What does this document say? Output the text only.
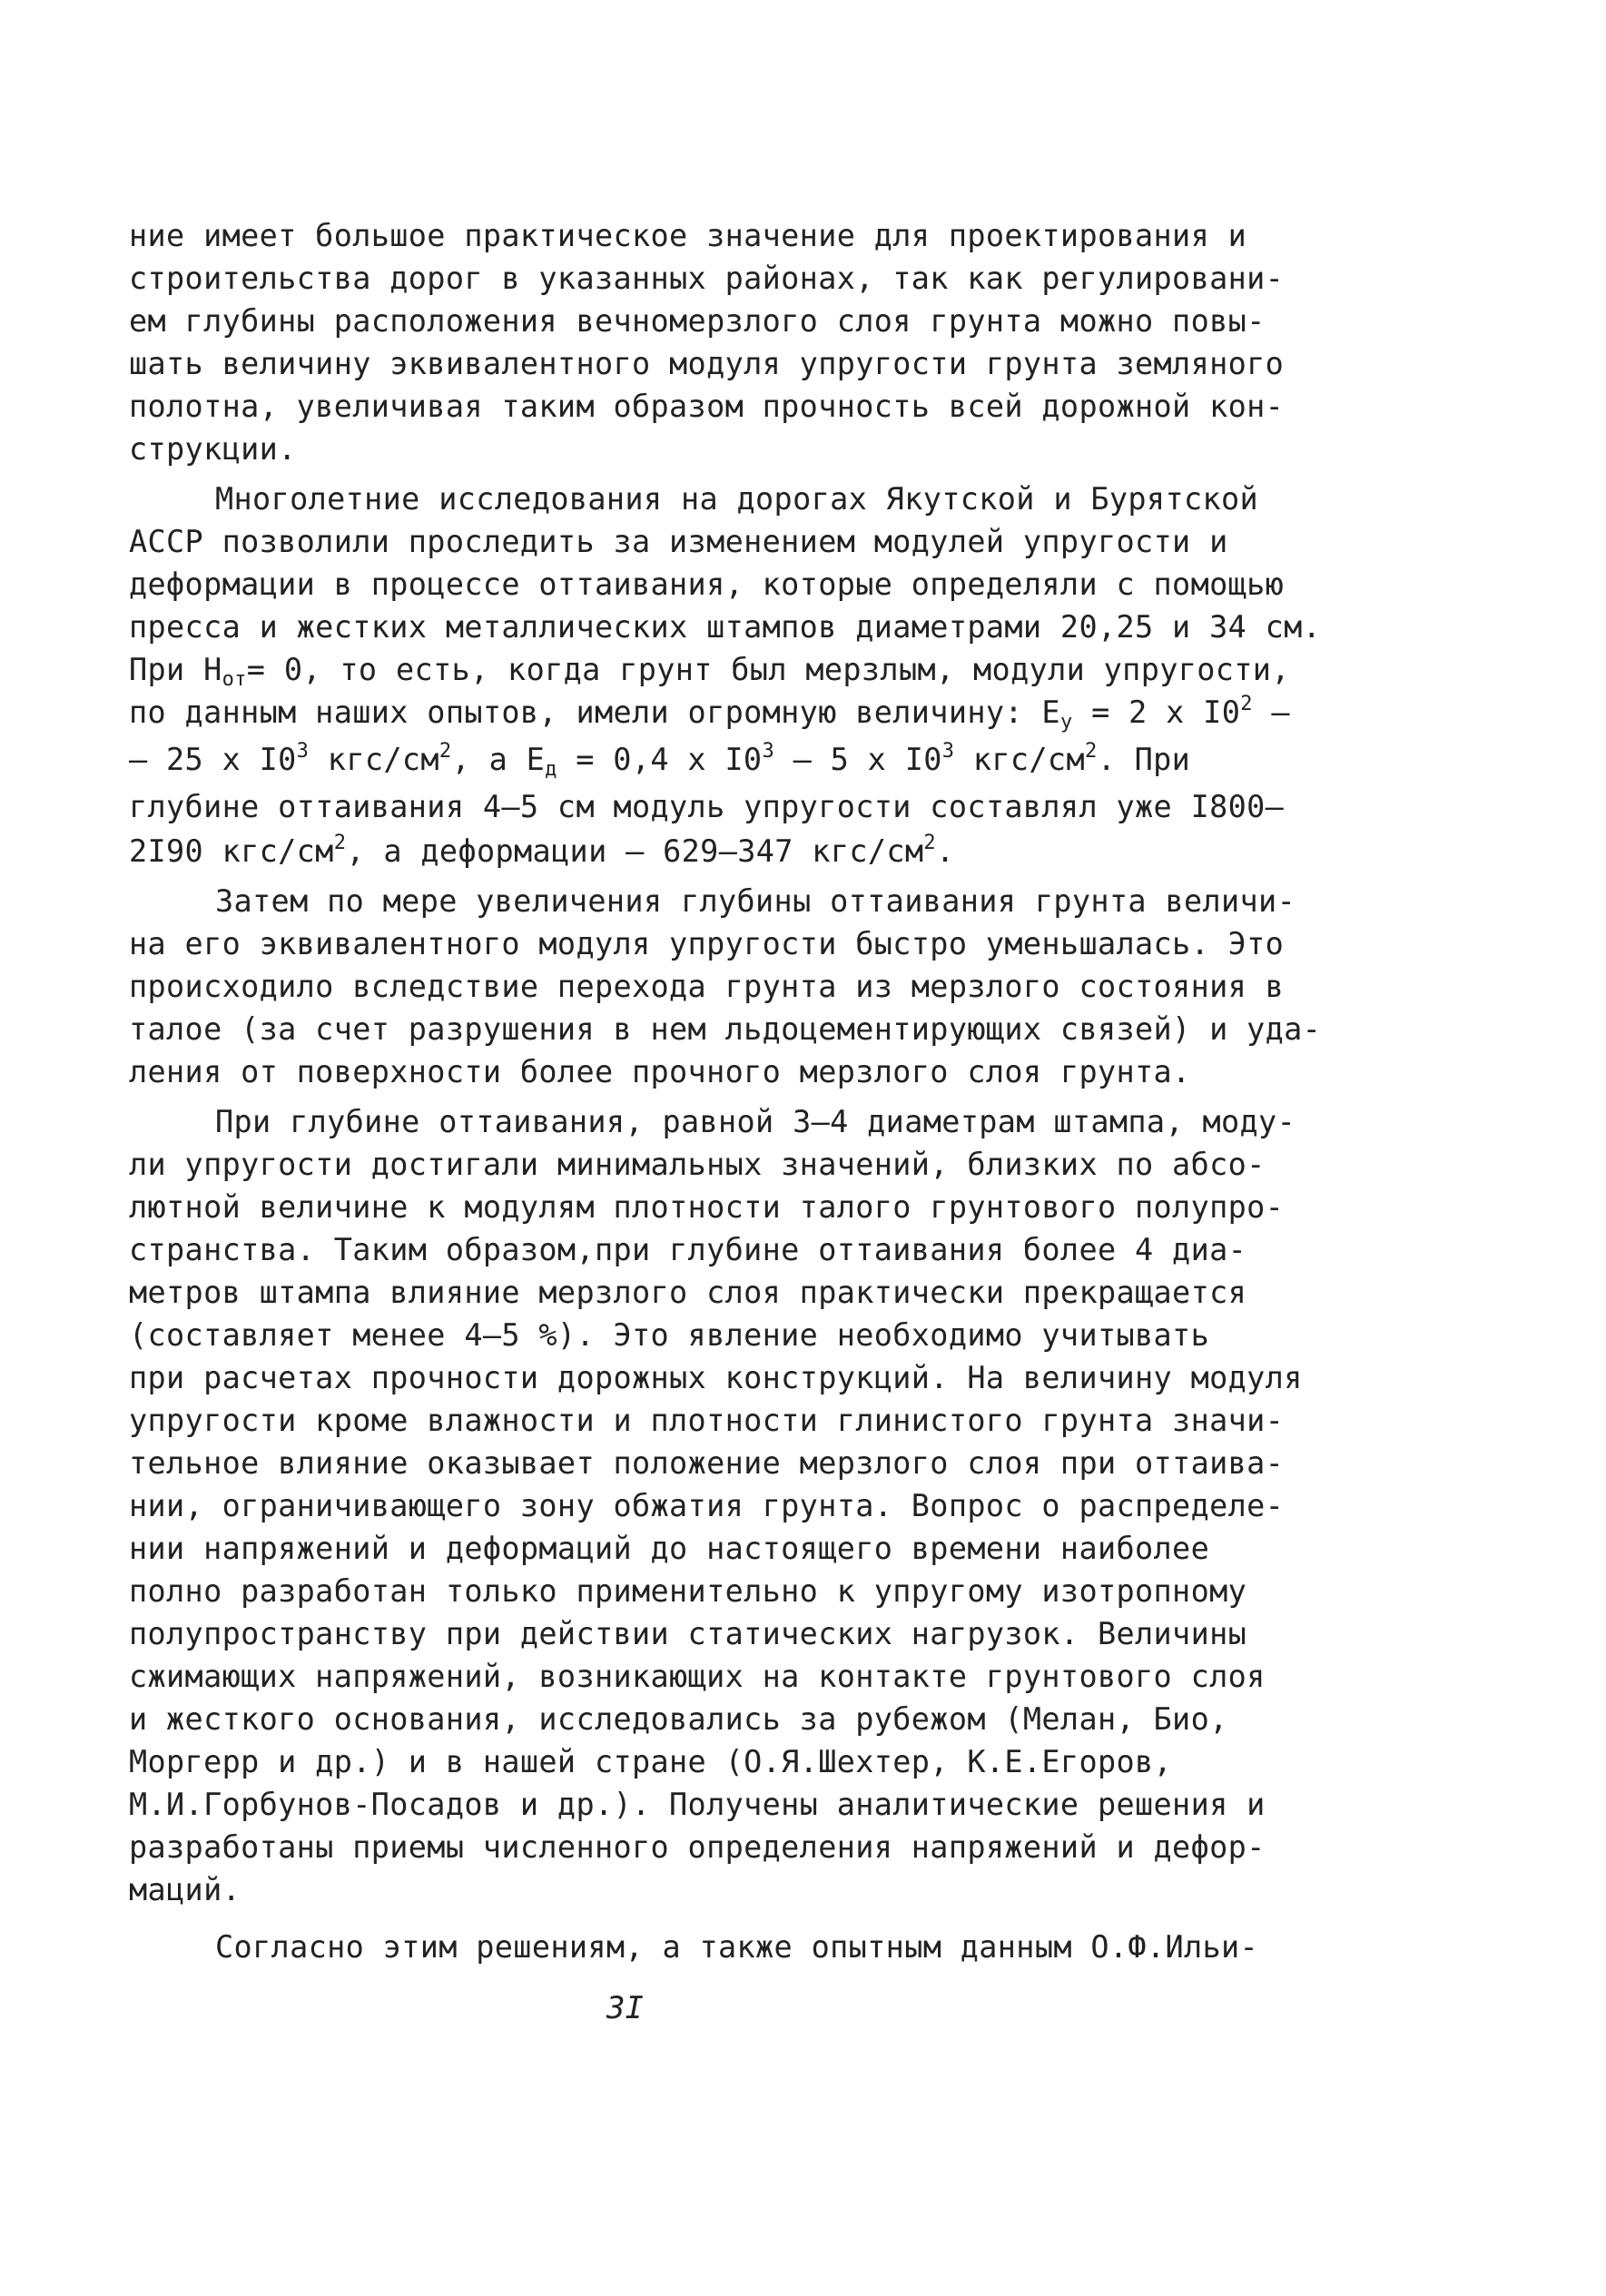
ние имеет большое практическое значение для проектирования и
строительства дорог в указанных районах, так как регулировани-
ем глубины расположения вечномерзлого слоя грунта можно повы-
шать величину эквивалентного модуля упругости грунта земляного
полотна, увеличивая таким образом прочность всей дорожной кон-
струкции.
Многолетние исследования на дорогах Якутской и Бурятской
АССР позволили проследить за изменением модулей упругости и
деформации в процессе оттаивания, которые определяли с помощью
пресса и жестких металлических штампов диаметрами 20,25 и 34 см.
При $H_{от}= 0$, то есть, когда грунт был мерзлым, модули упругости,
по данным наших опытов, имели огромную величину: $E_у = 2$ x $I0^2$ –
– 25 x $I0^3$ кгс/$см^2$, а $E_д = 0,4$ x $I0^3 - 5$ x $I0^3$ кгс/$см^2$. При
глубине оттаивания 4–5 см модуль упругости составлял уже I800–
2I90 кгс/$см^2$, а деформации – 629–347 кгс/$см^2$.
Затем по мере увеличения глубины оттаивания грунта величи-
на его эквивалентного модуля упругости быстро уменьшалась. Это
происходило вследствие перехода грунта из мерзлого состояния в
талое (за счет разрушения в нем льдоцементирующих связей) и уда-
ления от поверхности более прочного мерзлого слоя грунта.
При глубине оттаивания, равной 3–4 диаметрам штампа, моду-
ли упругости достигали минимальных значений, близких по абсо-
лютной величине к модулям плотности талого грунтового полупро-
странства. Таким образом,при глубине оттаивания более 4 диа-
метров штампа влияние мерзлого слоя практически прекращается
(составляет менее 4–5 %). Это явление необходимо учитывать
при расчетах прочности дорожных конструкций. На величину модуля
упругости кроме влажности и плотности глинистого грунта значи-
тельное влияние оказывает положение мерзлого слоя при оттаива-
нии, ограничивающего зону обжатия грунта. Вопрос о распределе-
нии напряжений и деформаций до настоящего времени наиболее
полно разработан только применительно к упругому изотропному
полупространству при действии статических нагрузок. Величины
сжимающих напряжений, возникающих на контакте грунтового слоя
и жесткого основания, исследовались за рубежом (Мелан, Био,
Моргерр и др.) и в нашей стране (О.Я.Шехтер, К.Е.Егоров,
М.И.Горбунов-Посадов и др.). Получены аналитические решения и
разработаны приемы численного определения напряжений и дефор-
маций.
Согласно этим решениям, а также опытным данным О.Ф.Ильи-
3I
